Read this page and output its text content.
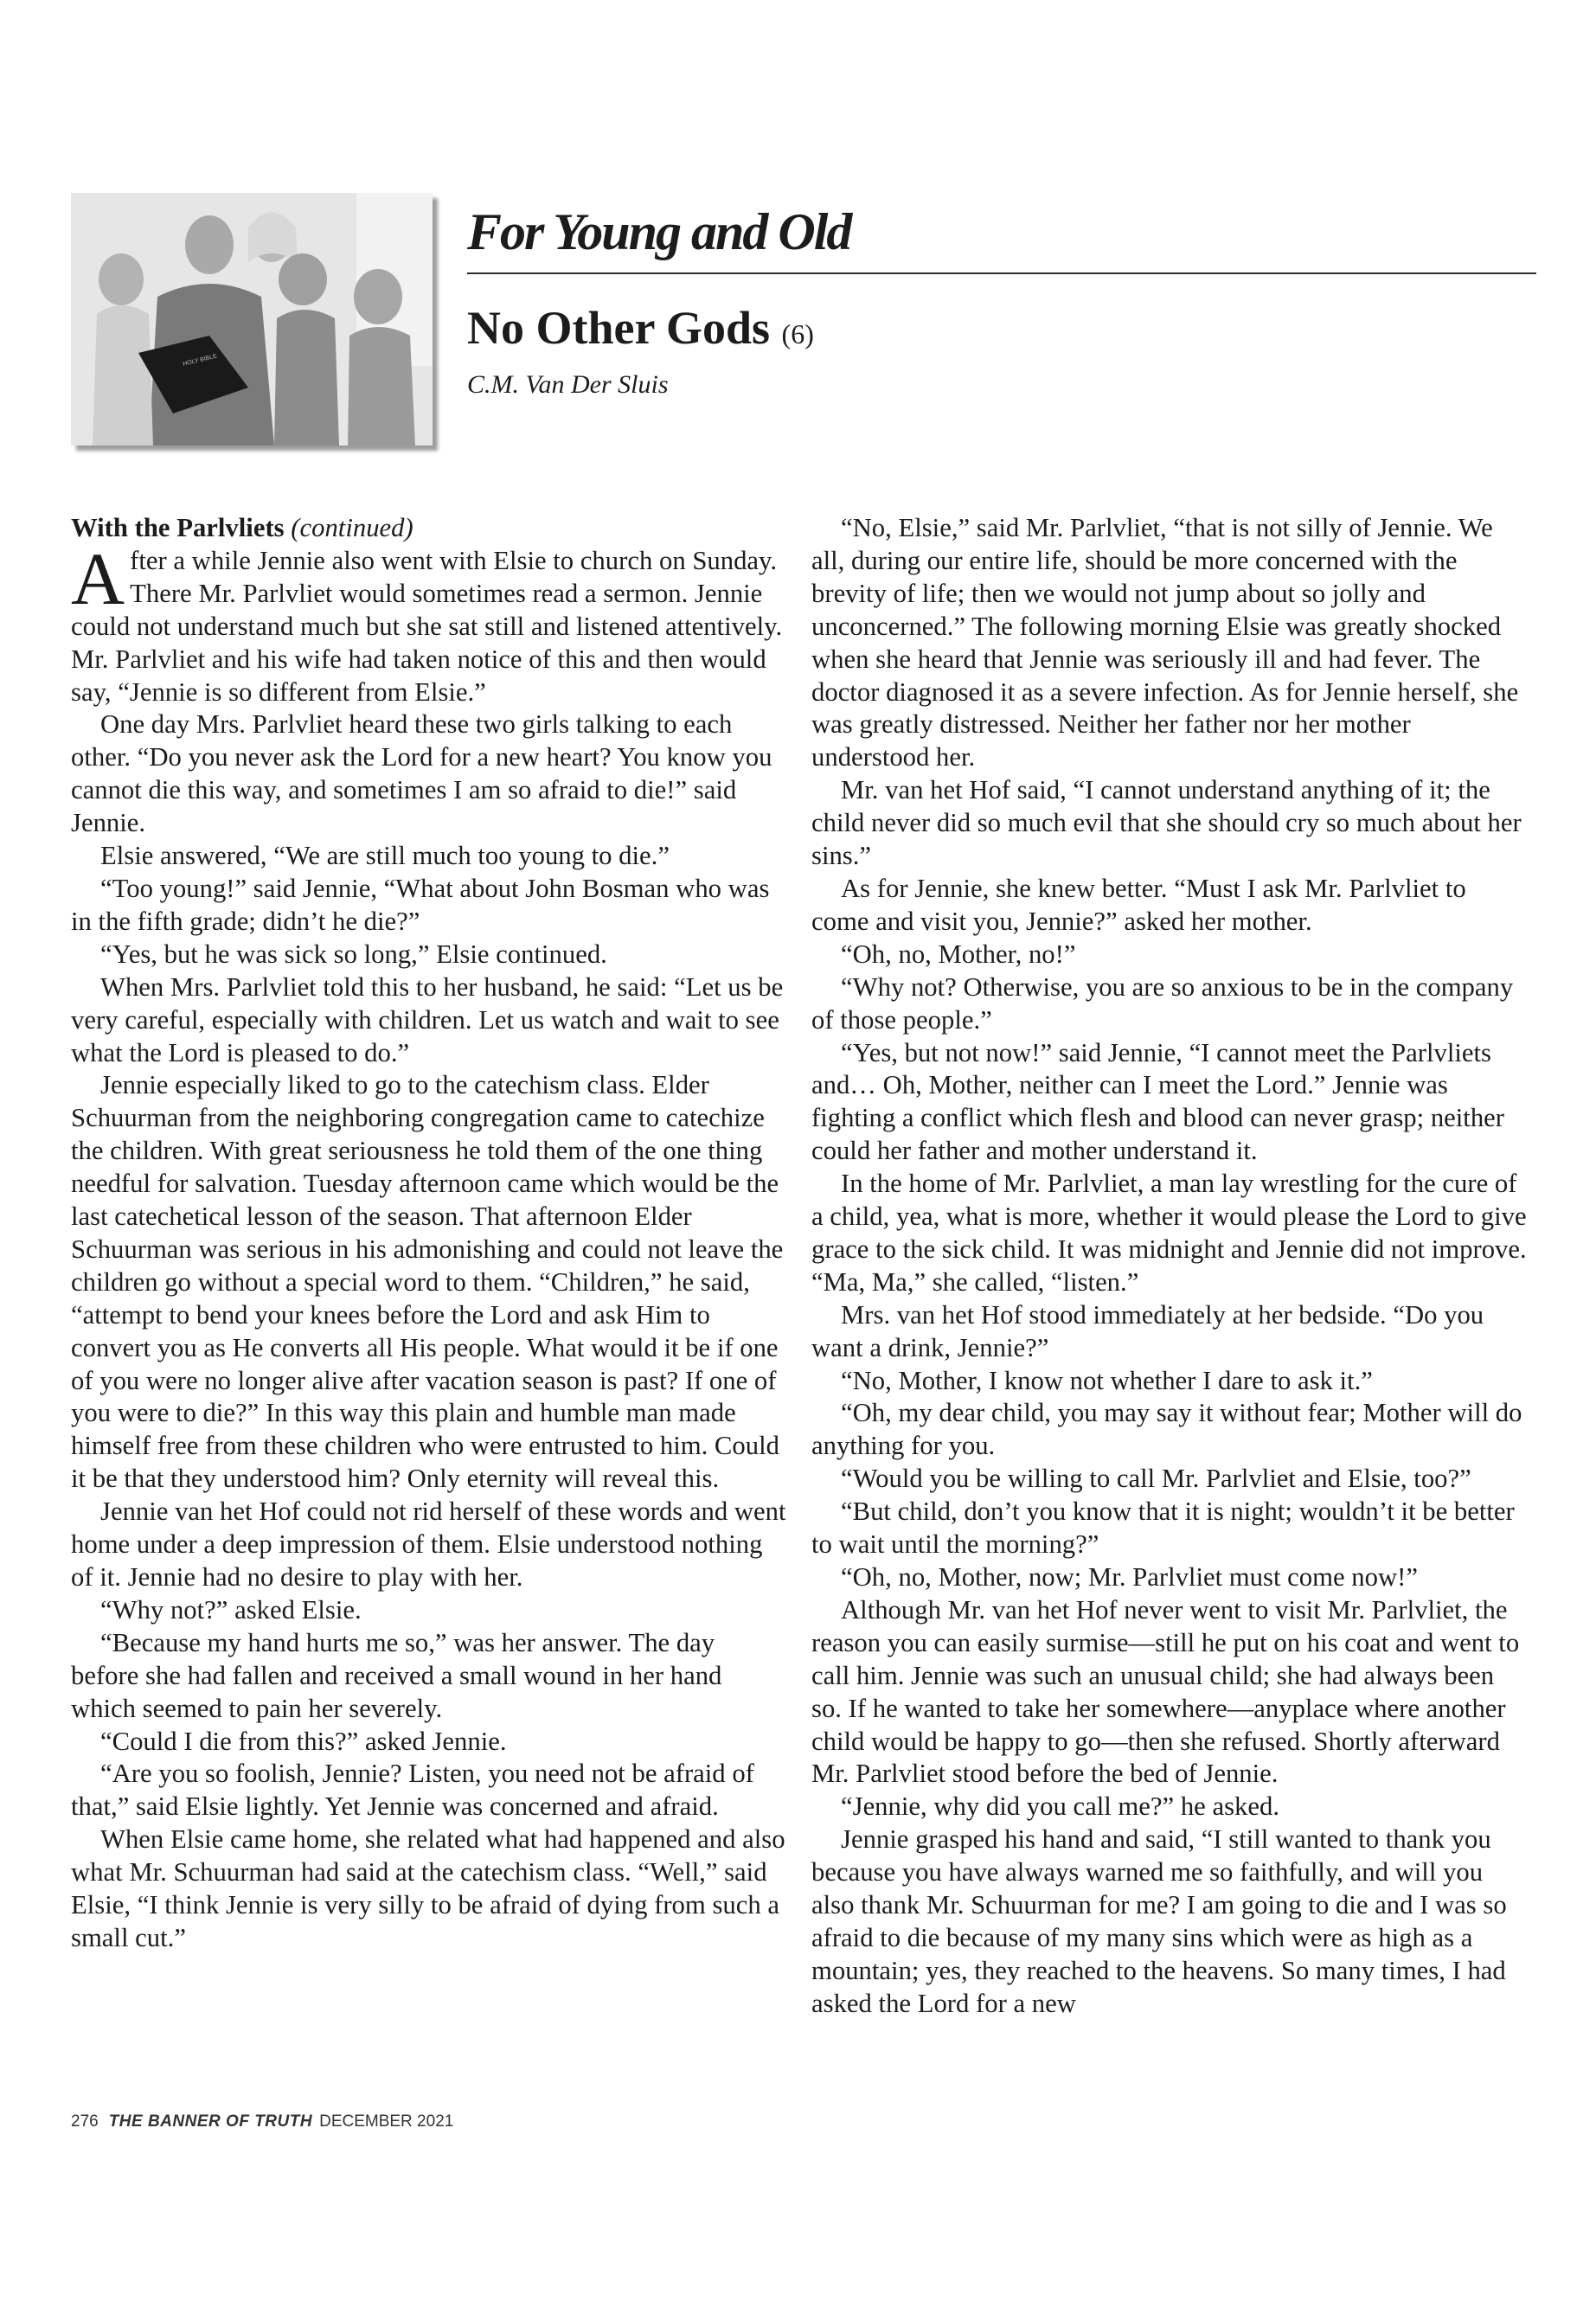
HOLY BIBLE
For Young and Old
No Other Gods (6)
C.M. Van Der Sluis

With the Parlvliets (continued)

After a while Jennie also went with Elsie to church on Sunday. There Mr. Parlvliet would sometimes read a sermon. Jennie could not understand much but she sat still and listened attentively. Mr. Parlvliet and his wife had taken notice of this and then would say, “Jennie is so different from Elsie.”

One day Mrs. Parlvliet heard these two girls talking to each other. “Do you never ask the Lord for a new heart? You know you cannot die this way, and sometimes I am so afraid to die!” said Jennie.

Elsie answered, “We are still much too young to die.”

“Too young!” said Jennie, “What about John Bosman who was in the fifth grade; didn’t he die?”

“Yes, but he was sick so long,” Elsie continued.

When Mrs. Parlvliet told this to her husband, he said: “Let us be very careful, especially with children. Let us watch and wait to see what the Lord is pleased to do.”

Jennie especially liked to go to the catechism class. Elder Schuurman from the neighboring congregation came to catechize the children. With great seriousness he told them of the one thing needful for salvation. Tuesday afternoon came which would be the last catechetical lesson of the season. That afternoon Elder Schuurman was serious in his admonishing and could not leave the children go without a special word to them. “Children,” he said, “attempt to bend your knees before the Lord and ask Him to convert you as He converts all His people. What would it be if one of you were no longer alive after vacation season is past? If one of you were to die?” In this way this plain and humble man made himself free from these children who were entrusted to him. Could it be that they understood him? Only eternity will reveal this.

Jennie van het Hof could not rid herself of these words and went home under a deep impression of them. Elsie understood nothing of it. Jennie had no desire to play with her.

“Why not?” asked Elsie.

“Because my hand hurts me so,” was her answer. The day before she had fallen and received a small wound in her hand which seemed to pain her severely.

“Could I die from this?” asked Jennie.

“Are you so foolish, Jennie? Listen, you need not be afraid of that,” said Elsie lightly. Yet Jennie was concerned and afraid.

When Elsie came home, she related what had happened and also what Mr. Schuurman had said at the catechism class. “Well,” said Elsie, “I think Jennie is very silly to be afraid of dying from such a small cut.”

“No, Elsie,” said Mr. Parlvliet, “that is not silly of Jennie. We all, during our entire life, should be more concerned with the brevity of life; then we would not jump about so jolly and unconcerned.” The following morning Elsie was greatly shocked when she heard that Jennie was seriously ill and had fever. The doctor diagnosed it as a severe infection. As for Jennie herself, she was greatly distressed. Neither her father nor her mother understood her.

Mr. van het Hof said, “I cannot understand anything of it; the child never did so much evil that she should cry so much about her sins.”

As for Jennie, she knew better. “Must I ask Mr. Parlvliet to come and visit you, Jennie?” asked her mother.

“Oh, no, Mother, no!”

“Why not? Otherwise, you are so anxious to be in the company of those people.”

“Yes, but not now!” said Jennie, “I cannot meet the Parlvliets and… Oh, Mother, neither can I meet the Lord.” Jennie was fighting a conflict which flesh and blood can never grasp; neither could her father and mother understand it.

In the home of Mr. Parlvliet, a man lay wrestling for the cure of a child, yea, what is more, whether it would please the Lord to give grace to the sick child. It was midnight and Jennie did not improve. “Ma, Ma,” she called, “listen.”

Mrs. van het Hof stood immediately at her bedside. “Do you want a drink, Jennie?”

“No, Mother, I know not whether I dare to ask it.”

“Oh, my dear child, you may say it without fear; Mother will do anything for you.

“Would you be willing to call Mr. Parlvliet and Elsie, too?”

“But child, don’t you know that it is night; wouldn’t it be better to wait until the morning?”

“Oh, no, Mother, now; Mr. Parlvliet must come now!”

Although Mr. van het Hof never went to visit Mr. Parlvliet, the reason you can easily surmise—still he put on his coat and went to call him. Jennie was such an unusual child; she had always been so. If he wanted to take her somewhere—anyplace where another child would be happy to go—then she refused. Shortly afterward Mr. Parlvliet stood before the bed of Jennie.

“Jennie, why did you call me?” he asked.

Jennie grasped his hand and said, “I still wanted to thank you because you have always warned me so faithfully, and will you also thank Mr. Schuurman for me? I am going to die and I was so afraid to die because of my many sins which were as high as a mountain; yes, they reached to the heavens. So many times, I had asked the Lord for a new

276 THE BANNER OF TRUTH DECEMBER 2021
